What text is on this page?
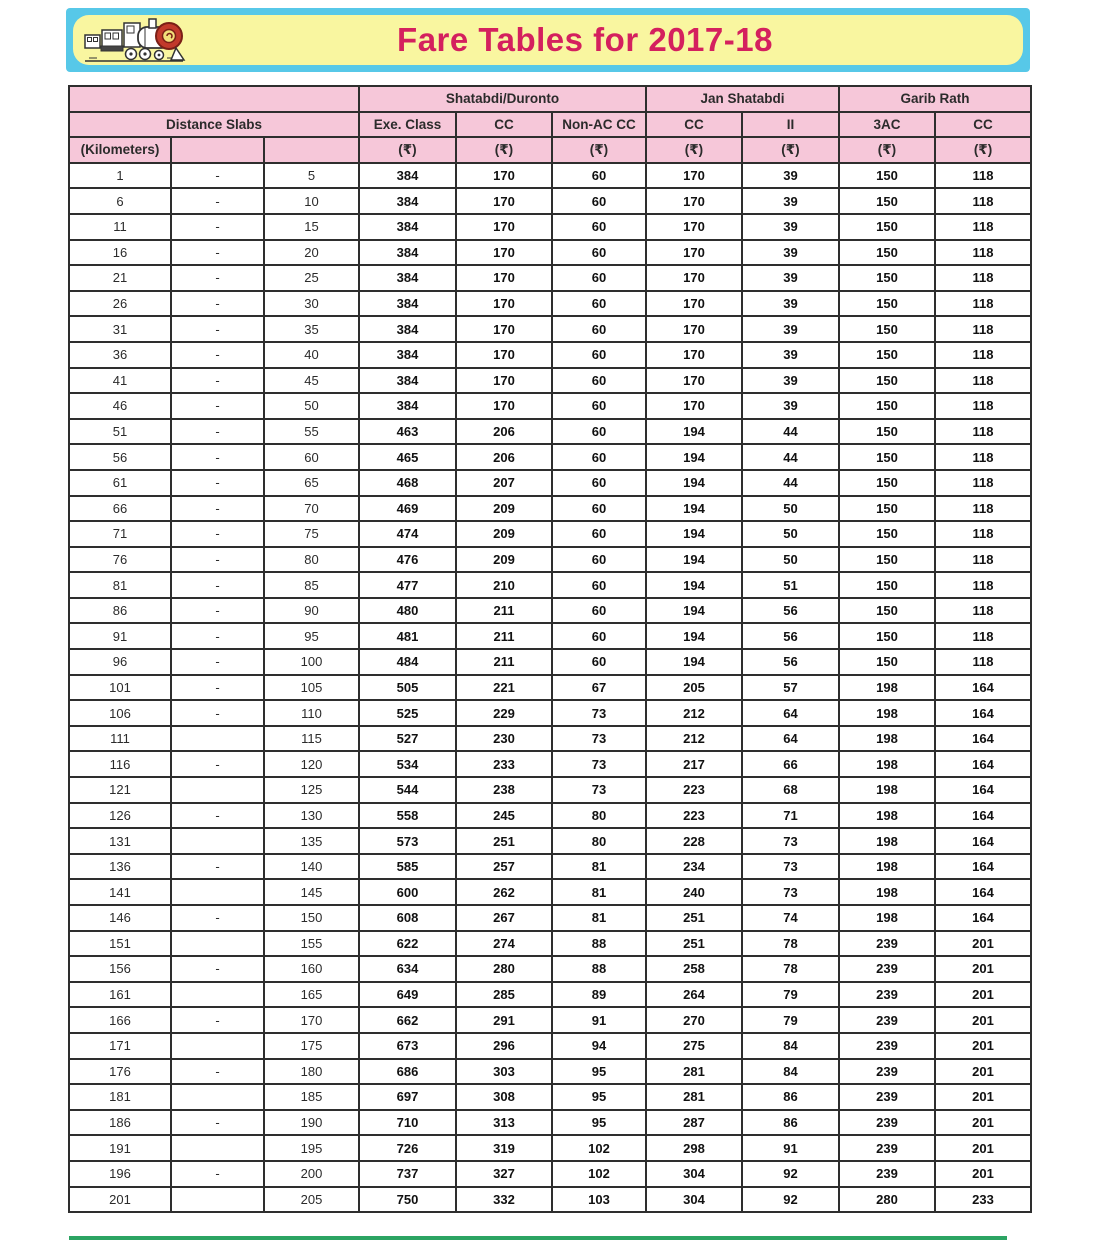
Fare Tables for 2017-18
			Shatabdi/Duronto			Jan Shatabdi		Garib Rath	
Distance Slabs			Exe. Class	CC	Non-AC CC	CC	II	3AC	CC
(Kilometers)			(₹)	(₹)	(₹)	(₹)	(₹)	(₹)	(₹)
1	-	5	384	170	60	170	39	150	118
6	-	10	384	170	60	170	39	150	118
11	-	15	384	170	60	170	39	150	118
16	-	20	384	170	60	170	39	150	118
21	-	25	384	170	60	170	39	150	118
26	-	30	384	170	60	170	39	150	118
31	-	35	384	170	60	170	39	150	118
36	-	40	384	170	60	170	39	150	118
41	-	45	384	170	60	170	39	150	118
46	-	50	384	170	60	170	39	150	118
51	-	55	463	206	60	194	44	150	118
56	-	60	465	206	60	194	44	150	118
61	-	65	468	207	60	194	44	150	118
66	-	70	469	209	60	194	50	150	118
71	-	75	474	209	60	194	50	150	118
76	-	80	476	209	60	194	50	150	118
81	-	85	477	210	60	194	51	150	118
86	-	90	480	211	60	194	56	150	118
91	-	95	481	211	60	194	56	150	118
96	-	100	484	211	60	194	56	150	118
101	-	105	505	221	67	205	57	198	164
106	-	110	525	229	73	212	64	198	164
111		115	527	230	73	212	64	198	164
116	-	120	534	233	73	217	66	198	164
121		125	544	238	73	223	68	198	164
126	-	130	558	245	80	223	71	198	164
131		135	573	251	80	228	73	198	164
136	-	140	585	257	81	234	73	198	164
141		145	600	262	81	240	73	198	164
146	-	150	608	267	81	251	74	198	164
151		155	622	274	88	251	78	239	201
156	-	160	634	280	88	258	78	239	201
161		165	649	285	89	264	79	239	201
166	-	170	662	291	91	270	79	239	201
171		175	673	296	94	275	84	239	201
176	-	180	686	303	95	281	84	239	201
181		185	697	308	95	281	86	239	201
186	-	190	710	313	95	287	86	239	201
191		195	726	319	102	298	91	239	201
196	-	200	737	327	102	304	92	239	201
201		205	750	332	103	304	92	280	233
